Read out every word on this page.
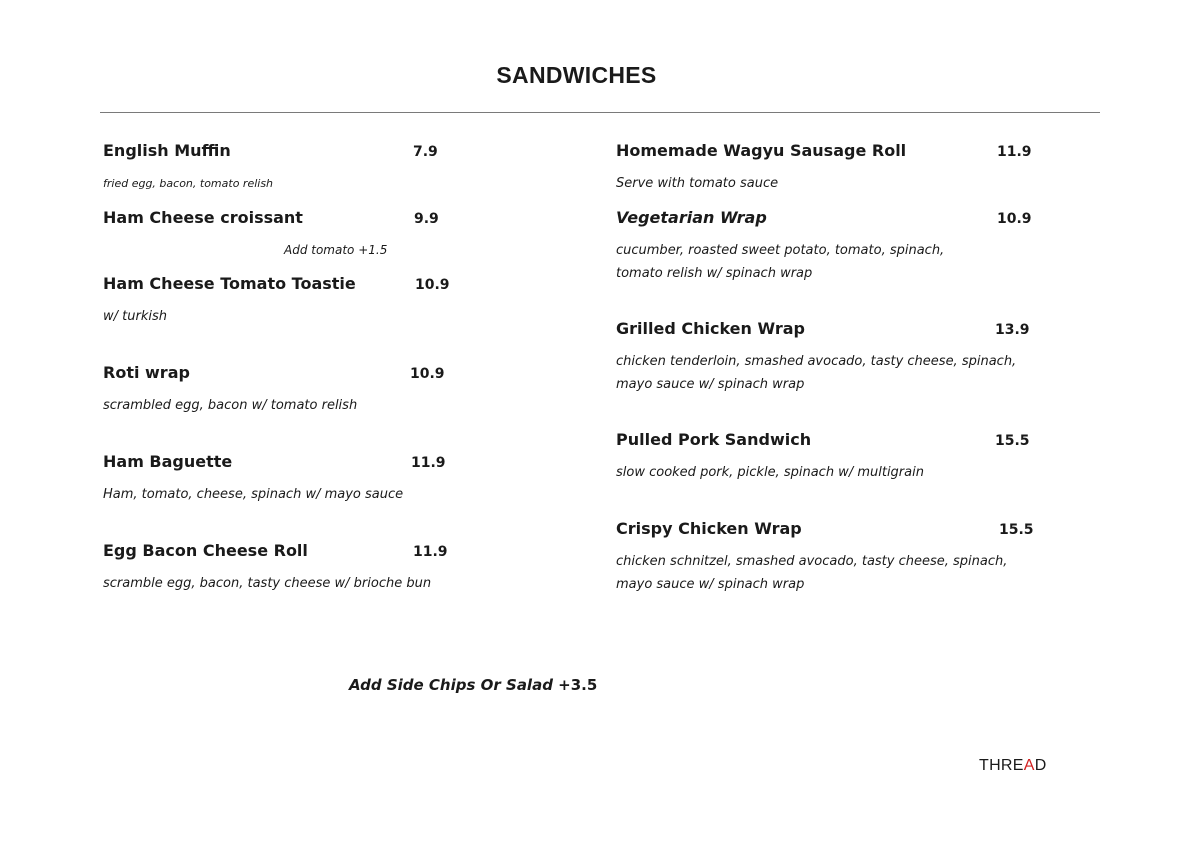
SANDWICHES
English Muffin	7.9
fried egg, bacon, tomato relish
Ham Cheese croissant	9.9
Add tomato +1.5
Ham Cheese Tomato Toastie	10.9
w/ turkish
Roti wrap	10.9
scrambled egg, bacon w/ tomato relish
Ham Baguette	11.9
Ham, tomato, cheese, spinach w/ mayo sauce
Egg Bacon Cheese Roll	11.9
scramble egg, bacon, tasty cheese w/ brioche bun
Homemade Wagyu Sausage Roll	11.9
Serve with tomato sauce
Vegetarian Wrap	10.9
cucumber, roasted sweet potato, tomato, spinach,
tomato relish w/ spinach wrap
Grilled Chicken Wrap	13.9
chicken tenderloin, smashed avocado, tasty cheese, spinach,
mayo sauce w/ spinach wrap
Pulled Pork Sandwich	15.5
slow cooked pork, pickle, spinach w/ multigrain
Crispy Chicken Wrap	15.5
chicken schnitzel, smashed avocado, tasty cheese, spinach,
mayo sauce w/ spinach wrap
Add Side Chips Or Salad +3.5
THREAD
